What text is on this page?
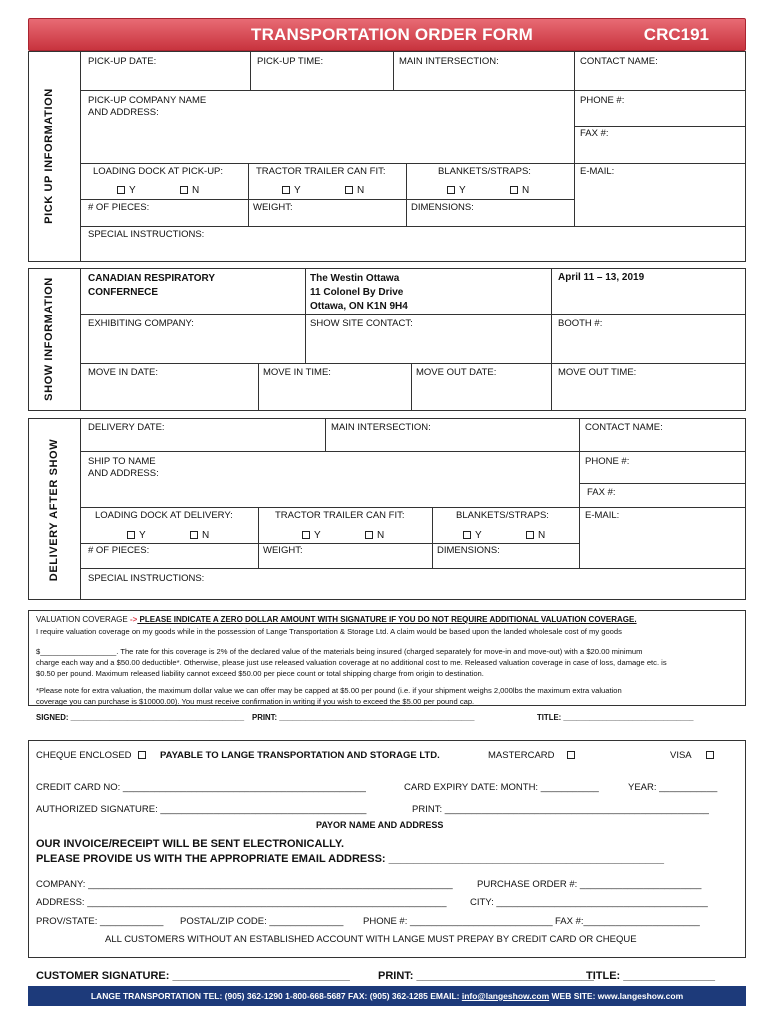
TRANSPORTATION ORDER FORM	CRC191
PICK UP INFORMATION
PICK-UP DATE:	PICK-UP TIME:	MAIN INTERSECTION:	CONTACT NAME:
PICK-UP COMPANY NAME
AND ADDRESS:
PHONE #:
FAX #:
LOADING DOCK AT PICK-UP:	TRACTOR TRAILER CAN FIT:	BLANKETS/STRAPS:	E-MAIL:
Y	N	Y	N	Y	N
# OF PIECES:	WEIGHT:	DIMENSIONS:
SPECIAL INSTRUCTIONS:
SHOW INFORMATION	CANADIAN RESPIRATORY
CONFERNECE
The Westin Ottawa
11 Colonel By Drive
Ottawa, ON K1N 9H4
April 11 – 13, 2019
EXHIBITING COMPANY:	SHOW SITE CONTACT:	BOOTH #:
MOVE IN DATE:	MOVE IN TIME:	MOVE OUT DATE:	MOVE OUT TIME:
DELIVERY AFTER SHOW
DELIVERY DATE:	MAIN INTERSECTION:	CONTACT NAME:
SHIP TO NAME
AND ADDRESS:
PHONE #:
FAX #:
LOADING DOCK AT DELIVERY:	TRACTOR TRAILER CAN FIT:	BLANKETS/STRAPS:	E-MAIL:
Y	N	Y	N	Y	N
# OF PIECES:	WEIGHT:	DIMENSIONS:
SPECIAL INSTRUCTIONS:
VALUATION COVERAGE -> PLEASE INDICATE A ZERO DOLLAR AMOUNT WITH SIGNATURE IF YOU DO NOT REQUIRE ADDITIONAL VALUATION COVERAGE.
I require valuation coverage on my goods while in the possession of Lange Transportation & Storage Ltd. A claim would be based upon the landed wholesale cost of my goods
$__________________. The rate for this coverage is 2% of the declared value of the materials being insured (charged separately for move-in and move-out) with a $20.00 minimum
charge each way and a $50.00 deductible*. Otherwise, please just use released valuation coverage at no additional cost to me. Released valuation coverage in case of loss, damage etc. is
$0.50 per pound. Maximum released liability cannot exceed $50.00 per piece count or total shipping charge from origin to destination.
*Please note for extra valuation, the maximum dollar value we can offer may be capped at $5.00 per pound (i.e. if your shipment weighs 2,000lbs the maximum extra valuation
coverage you can purchase is $10000.00). You must receive confirmation in writing if you wish to exceed the $5.00 per pound cap.
SIGNED: ________________________________________ PRINT: _____________________________________________	TITLE: ______________________________
CHEQUE ENCLOSED	PAYABLE TO LANGE TRANSPORTATION AND STORAGE LTD.	MASTERCARD	VISA
CREDIT CARD NO: ______________________________________________	CARD EXPIRY DATE: MONTH: ___________	YEAR: ___________
AUTHORIZED SIGNATURE: _______________________________________	PRINT: __________________________________________________
PAYOR NAME AND ADDRESS
OUR INVOICE/RECEIPT WILL BE SENT ELECTRONICALLY.
PLEASE PROVIDE US WITH THE APPROPRIATE EMAIL ADDRESS: _____________________________________________
COMPANY: _____________________________________________________________________	PURCHASE ORDER #: _______________________
ADDRESS: ____________________________________________________________________ CITY: ________________________________________
PROV/STATE: ____________ POSTAL/ZIP CODE: ______________ PHONE #: ___________________________ FAX #:______________________
ALL CUSTOMERS WITHOUT AN ESTABLISHED ACCOUNT WITH LANGE MUST PREPAY BY CREDIT CARD OR CHEQUE
CUSTOMER SIGNATURE: _____________________________	PRINT: _____________________________
TITLE: _______________
LANGE TRANSPORTATION TEL: (905) 362-1290 1-800-668-5687 FAX: (905) 362-1285 EMAIL: info@langeshow.com WEB SITE: www.langeshow.com
